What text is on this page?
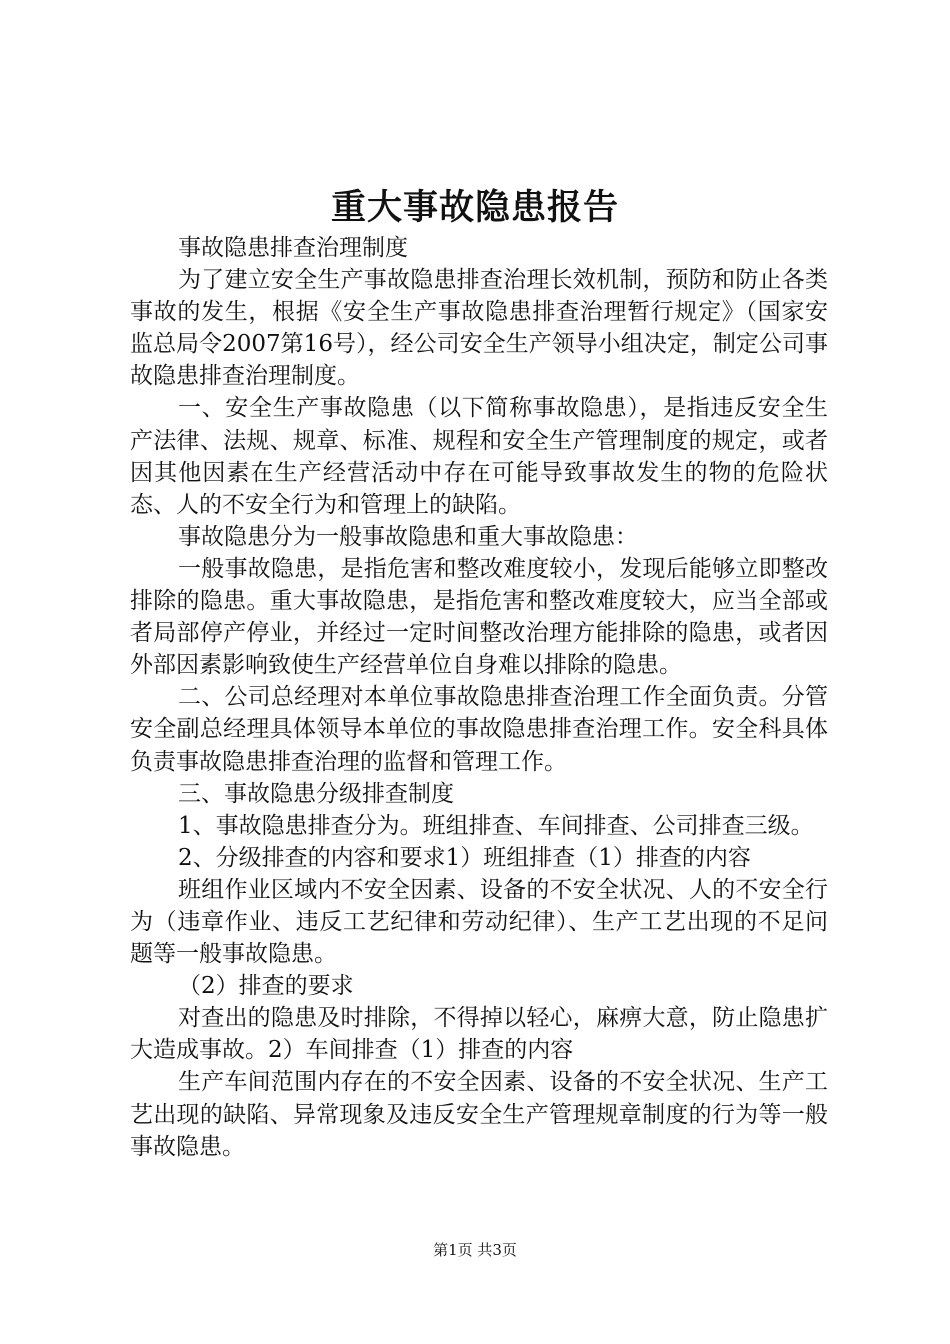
重大事故隐患报告

事故隐患排查治理制度

为了建立安全生产事故隐患排查治理长效机制，预防和防止各类事故的发生，根据《安全生产事故隐患排查治理暂行规定》（国家安监总局令2007第16号），经公司安全生产领导小组决定，制定公司事故隐患排查治理制度。

一、安全生产事故隐患（以下简称事故隐患），是指违反安全生产法律、法规、规章、标准、规程和安全生产管理制度的规定，或者因其他因素在生产经营活动中存在可能导致事故发生的物的危险状态、人的不安全行为和管理上的缺陷。

事故隐患分为一般事故隐患和重大事故隐患：

一般事故隐患，是指危害和整改难度较小，发现后能够立即整改排除的隐患。重大事故隐患，是指危害和整改难度较大，应当全部或者局部停产停业，并经过一定时间整改治理方能排除的隐患，或者因外部因素影响致使生产经营单位自身难以排除的隐患。

二、公司总经理对本单位事故隐患排查治理工作全面负责。分管安全副总经理具体领导本单位的事故隐患排查治理工作。安全科具体负责事故隐患排查治理的监督和管理工作。

三、事故隐患分级排查制度

1、事故隐患排查分为。班组排查、车间排查、公司排查三级。

2、分级排查的内容和要求1）班组排查（1）排查的内容

班组作业区域内不安全因素、设备的不安全状况、人的不安全行为（违章作业、违反工艺纪律和劳动纪律）、生产工艺出现的不足问题等一般事故隐患。

（2）排查的要求

对查出的隐患及时排除，不得掉以轻心，麻痹大意，防止隐患扩大造成事故。2）车间排查（1）排查的内容

生产车间范围内存在的不安全因素、设备的不安全状况、生产工艺出现的缺陷、异常现象及违反安全生产管理规章制度的行为等一般事故隐患。

第1页 共3页
